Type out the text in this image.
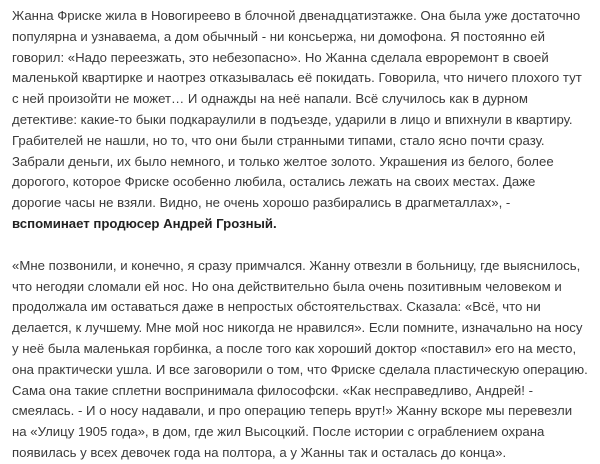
Жанна Фриске жила в Новогиреево в блочной двенадцатиэтажке. Она была уже достаточно популярна и узнаваема, а дом обычный - ни консьержа, ни домофона. Я постоянно ей говорил: «Надо переезжать, это небезопасно». Но Жанна сделала евроремонт в своей маленькой квартирке и наотрез отказывалась её покидать. Говорила, что ничего плохого тут с ней произойти не может… И однажды на неё напали. Всё случилось как в дурном детективе: какие-то быки подкараулили в подъезде, ударили в лицо и впихнули в квартиру. Грабителей не нашли, но то, что они были странными типами, стало ясно почти сразу. Забрали деньги, их было немного, и только желтое золото. Украшения из белого, более дорогого, которое Фриске особенно любила, остались лежать на своих местах. Даже дорогие часы не взяли. Видно, не очень хорошо разбирались в драгметаллах», - вспоминает продюсер Андрей Грозный.

«Мне позвонили, и конечно, я сразу примчался. Жанну отвезли в больницу, где выяснилось, что негодяи сломали ей нос. Но она действительно была очень позитивным человеком и продолжала им оставаться даже в непростых обстоятельствах. Сказала: «Всё, что ни делается, к лучшему. Мне мой нос никогда не нравился». Если помните, изначально на носу у неё была маленькая горбинка, а после того как хороший доктор «поставил» его на место, она практически ушла. И все заговорили о том, что Фриске сделала пластическую операцию. Сама она такие сплетни воспринимала философски. «Как несправедливо, Андрей! - смеялась. - И о носу надавали, и про операцию теперь врут!» Жанну вскоре мы перевезли на «Улицу 1905 года», в дом, где жил Высоцкий. После истории с ограблением охрана появилась у всех девочек года на полтора, а у Жанны так и осталась до конца».
